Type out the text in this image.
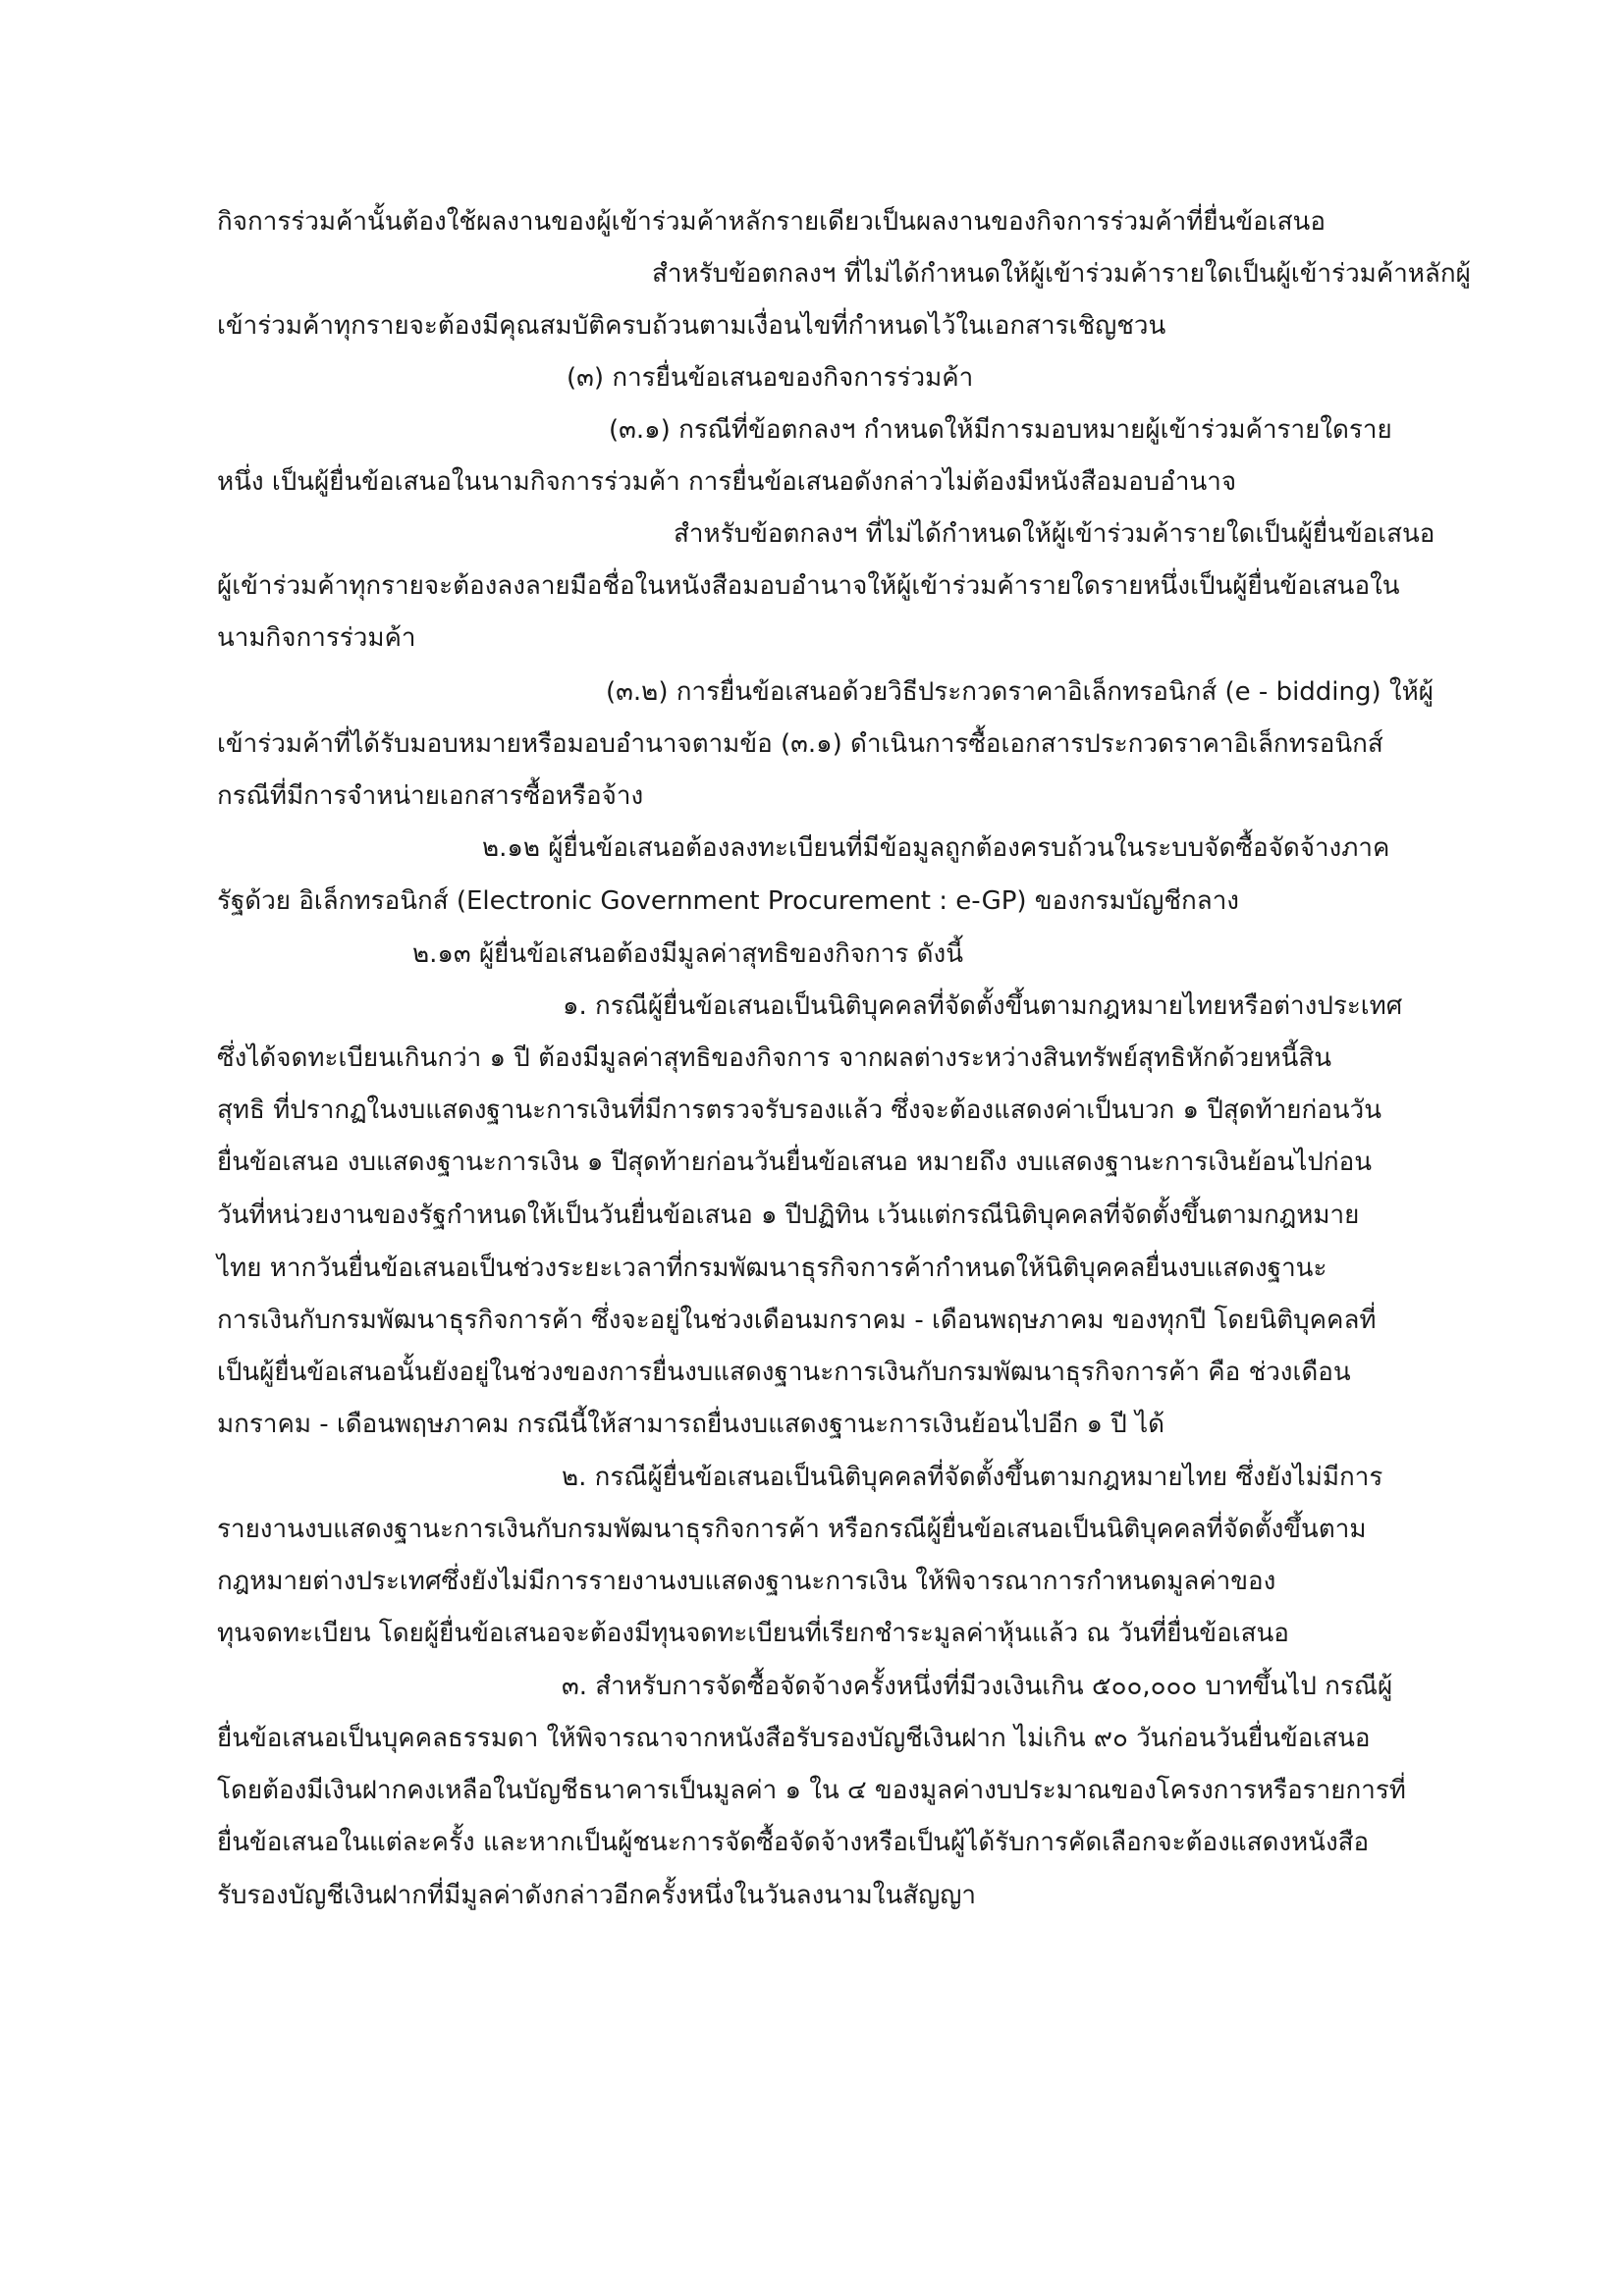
กิจการร่วมค้านั้นต้องใช้ผลงานของผู้เข้าร่วมค้าหลักรายเดียวเป็นผลงานของกิจการร่วมค้าที่ยื่นข้อเสนอ
สำหรับข้อตกลงฯ ที่ไม่ได้กำหนดให้ผู้เข้าร่วมค้ารายใดเป็นผู้เข้าร่วมค้าหลักผู้
เข้าร่วมค้าทุกรายจะต้องมีคุณสมบัติครบถ้วนตามเงื่อนไขที่กำหนดไว้ในเอกสารเชิญชวน
(๓) การยื่นข้อเสนอของกิจการร่วมค้า
(๓.๑) กรณีที่ข้อตกลงฯ กำหนดให้มีการมอบหมายผู้เข้าร่วมค้ารายใดราย
หนึ่ง เป็นผู้ยื่นข้อเสนอในนามกิจการร่วมค้า การยื่นข้อเสนอดังกล่าวไม่ต้องมีหนังสือมอบอำนาจ
สำหรับข้อตกลงฯ ที่ไม่ได้กำหนดให้ผู้เข้าร่วมค้ารายใดเป็นผู้ยื่นข้อเสนอ
ผู้เข้าร่วมค้าทุกรายจะต้องลงลายมือชื่อในหนังสือมอบอำนาจให้ผู้เข้าร่วมค้ารายใดรายหนึ่งเป็นผู้ยื่นข้อเสนอใน
นามกิจการร่วมค้า
(๓.๒) การยื่นข้อเสนอด้วยวิธีประกวดราคาอิเล็กทรอนิกส์ (e - bidding) ให้ผู้
เข้าร่วมค้าที่ได้รับมอบหมายหรือมอบอำนาจตามข้อ (๓.๑) ดำเนินการซื้อเอกสารประกวดราคาอิเล็กทรอนิกส์
กรณีที่มีการจำหน่ายเอกสารซื้อหรือจ้าง
๒.๑๒ ผู้ยื่นข้อเสนอต้องลงทะเบียนที่มีข้อมูลถูกต้องครบถ้วนในระบบจัดซื้อจัดจ้างภาค
รัฐด้วย อิเล็กทรอนิกส์ (Electronic Government Procurement : e-GP) ของกรมบัญชีกลาง
๒.๑๓ ผู้ยื่นข้อเสนอต้องมีมูลค่าสุทธิของกิจการ ดังนี้
๑. กรณีผู้ยื่นข้อเสนอเป็นนิติบุคคลที่จัดตั้งขึ้นตามกฎหมายไทยหรือต่างประเทศ
ซึ่งได้จดทะเบียนเกินกว่า ๑ ปี ต้องมีมูลค่าสุทธิของกิจการ จากผลต่างระหว่างสินทรัพย์สุทธิหักด้วยหนี้สิน
สุทธิ ที่ปรากฏในงบแสดงฐานะการเงินที่มีการตรวจรับรองแล้ว ซึ่งจะต้องแสดงค่าเป็นบวก ๑ ปีสุดท้ายก่อนวัน
ยื่นข้อเสนอ งบแสดงฐานะการเงิน ๑ ปีสุดท้ายก่อนวันยื่นข้อเสนอ หมายถึง งบแสดงฐานะการเงินย้อนไปก่อน
วันที่หน่วยงานของรัฐกำหนดให้เป็นวันยื่นข้อเสนอ ๑ ปีปฏิทิน เว้นแต่กรณีนิติบุคคลที่จัดตั้งขึ้นตามกฎหมาย
ไทย หากวันยื่นข้อเสนอเป็นช่วงระยะเวลาที่กรมพัฒนาธุรกิจการค้ากำหนดให้นิติบุคคลยื่นงบแสดงฐานะ
การเงินกับกรมพัฒนาธุรกิจการค้า ซึ่งจะอยู่ในช่วงเดือนมกราคม - เดือนพฤษภาคม ของทุกปี โดยนิติบุคคลที่
เป็นผู้ยื่นข้อเสนอนั้นยังอยู่ในช่วงของการยื่นงบแสดงฐานะการเงินกับกรมพัฒนาธุรกิจการค้า คือ ช่วงเดือน
มกราคม - เดือนพฤษภาคม กรณีนี้ให้สามารถยื่นงบแสดงฐานะการเงินย้อนไปอีก ๑ ปี ได้
๒. กรณีผู้ยื่นข้อเสนอเป็นนิติบุคคลที่จัดตั้งขึ้นตามกฎหมายไทย ซึ่งยังไม่มีการ
รายงานงบแสดงฐานะการเงินกับกรมพัฒนาธุรกิจการค้า หรือกรณีผู้ยื่นข้อเสนอเป็นนิติบุคคลที่จัดตั้งขึ้นตาม
กฎหมายต่างประเทศซึ่งยังไม่มีการรายงานงบแสดงฐานะการเงิน ให้พิจารณาการกำหนดมูลค่าของ
ทุนจดทะเบียน โดยผู้ยื่นข้อเสนอจะต้องมีทุนจดทะเบียนที่เรียกชำระมูลค่าหุ้นแล้ว ณ วันที่ยื่นข้อเสนอ
๓. สำหรับการจัดซื้อจัดจ้างครั้งหนึ่งที่มีวงเงินเกิน ๕๐๐,๐๐๐ บาทขึ้นไป กรณีผู้
ยื่นข้อเสนอเป็นบุคคลธรรมดา ให้พิจารณาจากหนังสือรับรองบัญชีเงินฝาก ไม่เกิน ๙๐ วันก่อนวันยื่นข้อเสนอ
โดยต้องมีเงินฝากคงเหลือในบัญชีธนาคารเป็นมูลค่า ๑ ใน ๔ ของมูลค่างบประมาณของโครงการหรือรายการที่
ยื่นข้อเสนอในแต่ละครั้ง และหากเป็นผู้ชนะการจัดซื้อจัดจ้างหรือเป็นผู้ได้รับการคัดเลือกจะต้องแสดงหนังสือ
รับรองบัญชีเงินฝากที่มีมูลค่าดังกล่าวอีกครั้งหนึ่งในวันลงนามในสัญญา
